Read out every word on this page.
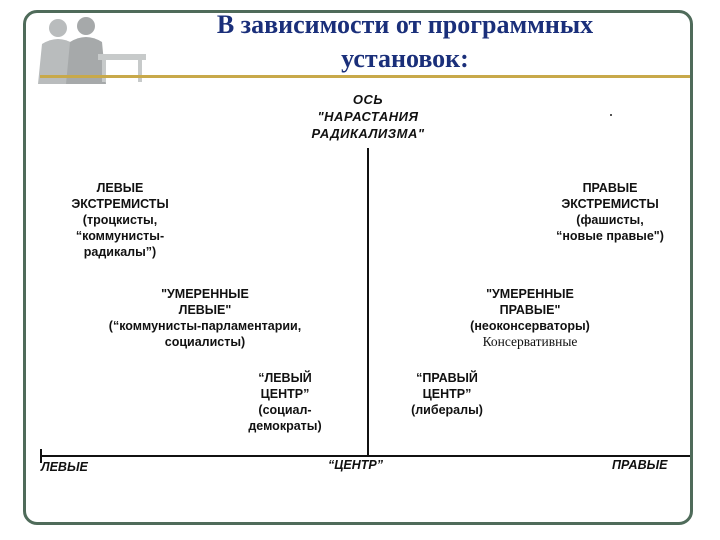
В зависимости от программных
установок:
ОСЬ
"НАРАСТАНИЯ
РАДИКАЛИЗМА"
ЛЕВЫЕ	“ЦЕНТР”	ПРАВЫЕ
ЛЕВЫЕ
ЭКСТРЕМИСТЫ
(троцкисты,
“коммунисты-
радикалы”)
ПРАВЫЕ
ЭКСТРЕМИСТЫ
(фашисты,
“новые правые")
"УМЕРЕННЫЕ
ЛЕВЫЕ"
(“коммунисты-парламентарии,
социалисты)
"УМЕРЕННЫЕ
ПРАВЫЕ"
(неоконсерваторы)
Консервативные
“ЛЕВЫЙ
ЦЕНТР”
(социал-
демократы)
“ПРАВЫЙ
ЦЕНТР”
(либералы)
